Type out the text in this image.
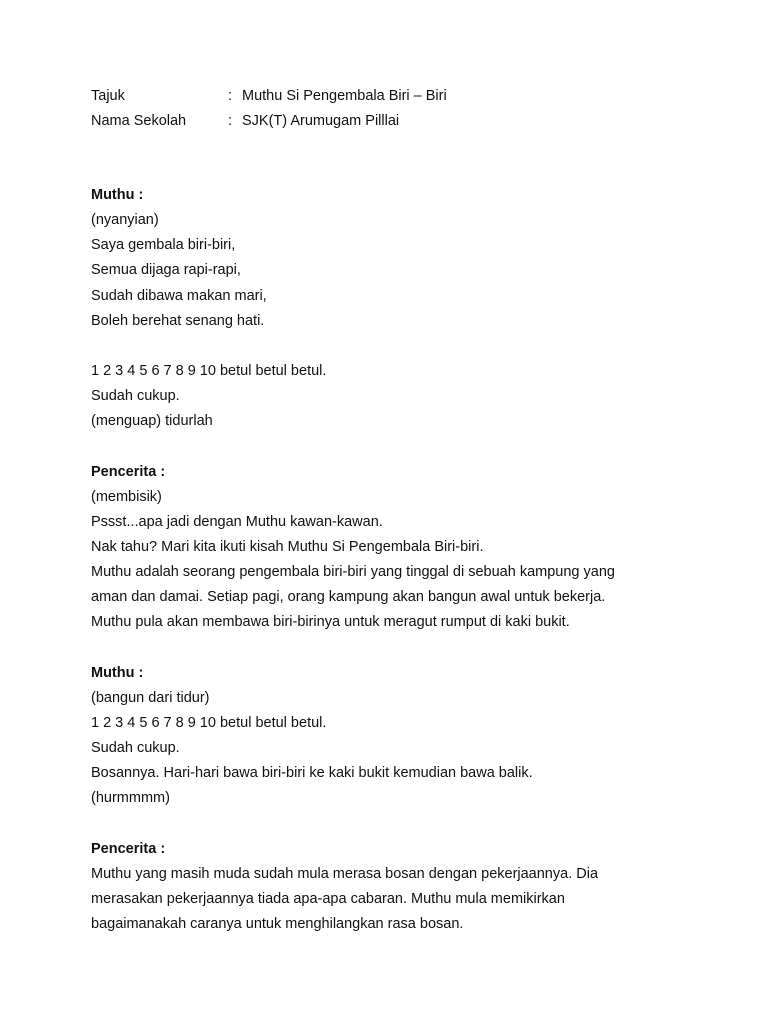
Tajuk	: Muthu Si Pengembala Biri – Biri
Nama Sekolah	: SJK(T) Arumugam Pilllai
Muthu :
(nyanyian)
Saya gembala biri-biri,
Semua dijaga rapi-rapi,
Sudah dibawa makan mari,
Boleh berehat senang hati.
1 2 3 4 5 6 7 8 9 10 betul betul betul.
Sudah cukup.
(menguap) tidurlah
Pencerita :
(membisik)
Pssst...apa jadi dengan Muthu kawan-kawan.
Nak tahu? Mari kita ikuti kisah Muthu Si Pengembala Biri-biri.
Muthu adalah seorang pengembala biri-biri yang tinggal di sebuah kampung yang
aman dan damai. Setiap pagi, orang kampung akan bangun awal untuk bekerja.
Muthu pula akan membawa biri-birinya untuk meragut rumput di kaki bukit.
Muthu :
(bangun dari tidur)
1 2 3 4 5 6 7 8 9 10 betul betul betul.
Sudah cukup.
Bosannya. Hari-hari bawa biri-biri ke kaki bukit kemudian bawa balik.
(hurmmmm)
Pencerita :
Muthu yang masih muda sudah mula merasa bosan dengan pekerjaannya. Dia
merasakan pekerjaannya tiada apa-apa cabaran. Muthu mula memikirkan
bagaimanakah caranya untuk menghilangkan rasa bosan.
